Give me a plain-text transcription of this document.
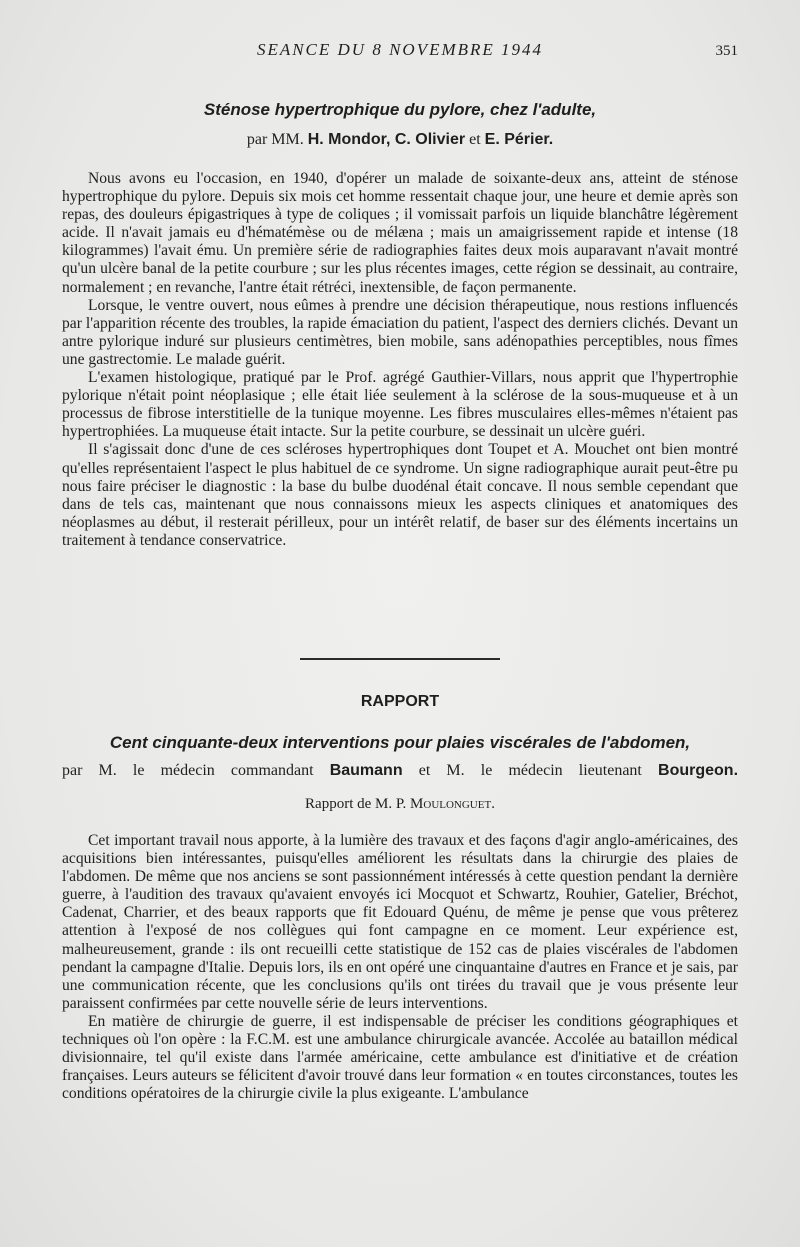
SEANCE DU 8 NOVEMBRE 1944	351
Sténose hypertrophique du pylore, chez l'adulte,
par MM. H. Mondor, C. Olivier et E. Périer.

Nous avons eu l'occasion, en 1940, d'opérer un malade de soixante-deux ans, atteint de sténose hypertrophique du pylore. Depuis six mois cet homme ressentait chaque jour, une heure et demie après son repas, des douleurs épigastriques à type de coliques ; il vomissait parfois un liquide blanchâtre légèrement acide. Il n'avait jamais eu d'hématémèse ou de mélæna ; mais un amaigrissement rapide et intense (18 kilogrammes) l'avait ému. Un première série de radiographies faites deux mois auparavant n'avait montré qu'un ulcère banal de la petite courbure ; sur les plus récentes images, cette région se dessinait, au contraire, normalement ; en revanche, l'antre était rétréci, inextensible, de façon permanente.

Lorsque, le ventre ouvert, nous eûmes à prendre une décision thérapeutique, nous restions influencés par l'apparition récente des troubles, la rapide émaciation du patient, l'aspect des derniers clichés. Devant un antre pylorique induré sur plusieurs centimètres, bien mobile, sans adénopathies perceptibles, nous fîmes une gastrectomie. Le malade guérit.

L'examen histologique, pratiqué par le Prof. agrégé Gauthier-Villars, nous apprit que l'hypertrophie pylorique n'était point néoplasique ; elle était liée seulement à la sclérose de la sous-muqueuse et à un processus de fibrose interstitielle de la tunique moyenne. Les fibres musculaires elles-mêmes n'étaient pas hypertrophiées. La muqueuse était intacte. Sur la petite courbure, se dessinait un ulcère guéri.

Il s'agissait donc d'une de ces scléroses hypertrophiques dont Toupet et A. Mouchet ont bien montré qu'elles représentaient l'aspect le plus habituel de ce syndrome. Un signe radiographique aurait peut-être pu nous faire préciser le diagnostic : la base du bulbe duodénal était concave. Il nous semble cependant que dans de tels cas, maintenant que nous connaissons mieux les aspects cliniques et anatomiques des néoplasmes au début, il resterait périlleux, pour un intérêt relatif, de baser sur des éléments incertains un traitement à tendance conservatrice.

RAPPORT
Cent cinquante-deux interventions pour plaies viscérales de l'abdomen,
par M. le médecin commandant Baumann et M. le médecin lieutenant Bourgeon.
Rapport de M. P. Moulonguet.

Cet important travail nous apporte, à la lumière des travaux et des façons d'agir anglo-américaines, des acquisitions bien intéressantes, puisqu'elles améliorent les résultats dans la chirurgie des plaies de l'abdomen. De même que nos anciens se sont passionnément intéressés à cette question pendant la dernière guerre, à l'audition des travaux qu'avaient envoyés ici Mocquot et Schwartz, Rouhier, Gatelier, Bréchot, Cadenat, Charrier, et des beaux rapports que fit Edouard Quénu, de même je pense que vous prêterez attention à l'exposé de nos collègues qui font campagne en ce moment. Leur expérience est, malheureusement, grande : ils ont recueilli cette statistique de 152 cas de plaies viscérales de l'abdomen pendant la campagne d'Italie. Depuis lors, ils en ont opéré une cinquantaine d'autres en France et je sais, par une communication récente, que les conclusions qu'ils ont tirées du travail que je vous présente leur paraissent confirmées par cette nouvelle série de leurs interventions.

En matière de chirurgie de guerre, il est indispensable de préciser les conditions géographiques et techniques où l'on opère : la F.C.M. est une ambulance chirurgicale avancée. Accolée au bataillon médical divisionnaire, tel qu'il existe dans l'armée américaine, cette ambulance est d'initiative et de création françaises. Leurs auteurs se félicitent d'avoir trouvé dans leur formation « en toutes circonstances, toutes les conditions opératoires de la chirurgie civile la plus exigeante. L'ambulance
